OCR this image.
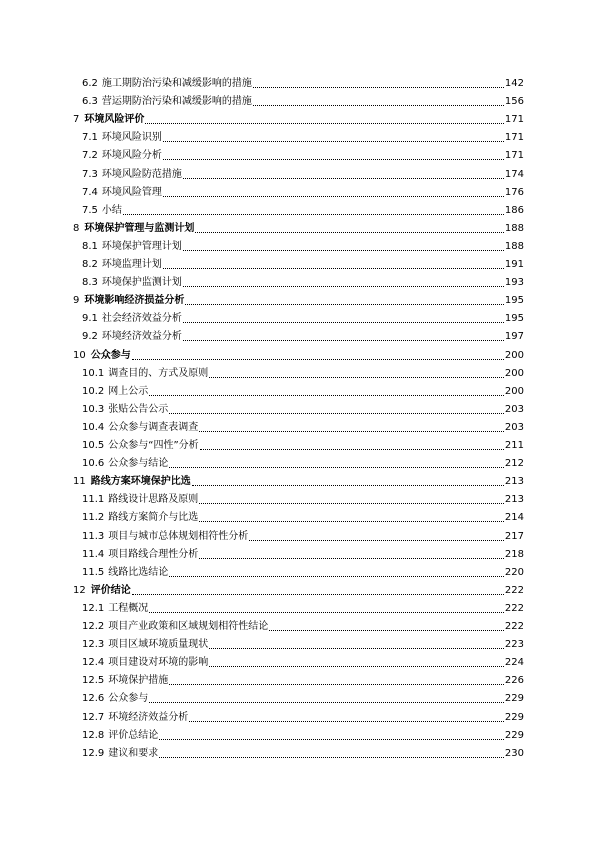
6.2 施工期防治污染和减缓影响的措施	142
6.3 营运期防治污染和减缓影响的措施	156
7 环境风险评价	171
7.1 环境风险识别	171
7.2 环境风险分析	171
7.3 环境风险防范措施	174
7.4 环境风险管理	176
7.5 小结	186
8 环境保护管理与监测计划	188
8.1 环境保护管理计划	188
8.2 环境监理计划	191
8.3 环境保护监测计划	193
9 环境影响经济损益分析	195
9.1 社会经济效益分析	195
9.2 环境经济效益分析	197
10 公众参与	200
10.1 调查目的、方式及原则	200
10.2 网上公示	200
10.3 张贴公告公示	203
10.4 公众参与调查表调查	203
10.5 公众参与“四性”分析	211
10.6 公众参与结论	212
11 路线方案环境保护比选	213
11.1 路线设计思路及原则	213
11.2 路线方案简介与比选	214
11.3 项目与城市总体规划相符性分析	217
11.4 项目路线合理性分析	218
11.5 线路比选结论	220
12 评价结论	222
12.1 工程概况	222
12.2 项目产业政策和区域规划相符性结论	222
12.3 项目区域环境质量现状	223
12.4 项目建设对环境的影响	224
12.5 环境保护措施	226
12.6 公众参与	229
12.7 环境经济效益分析	229
12.8 评价总结论	229
12.9 建议和要求	230
